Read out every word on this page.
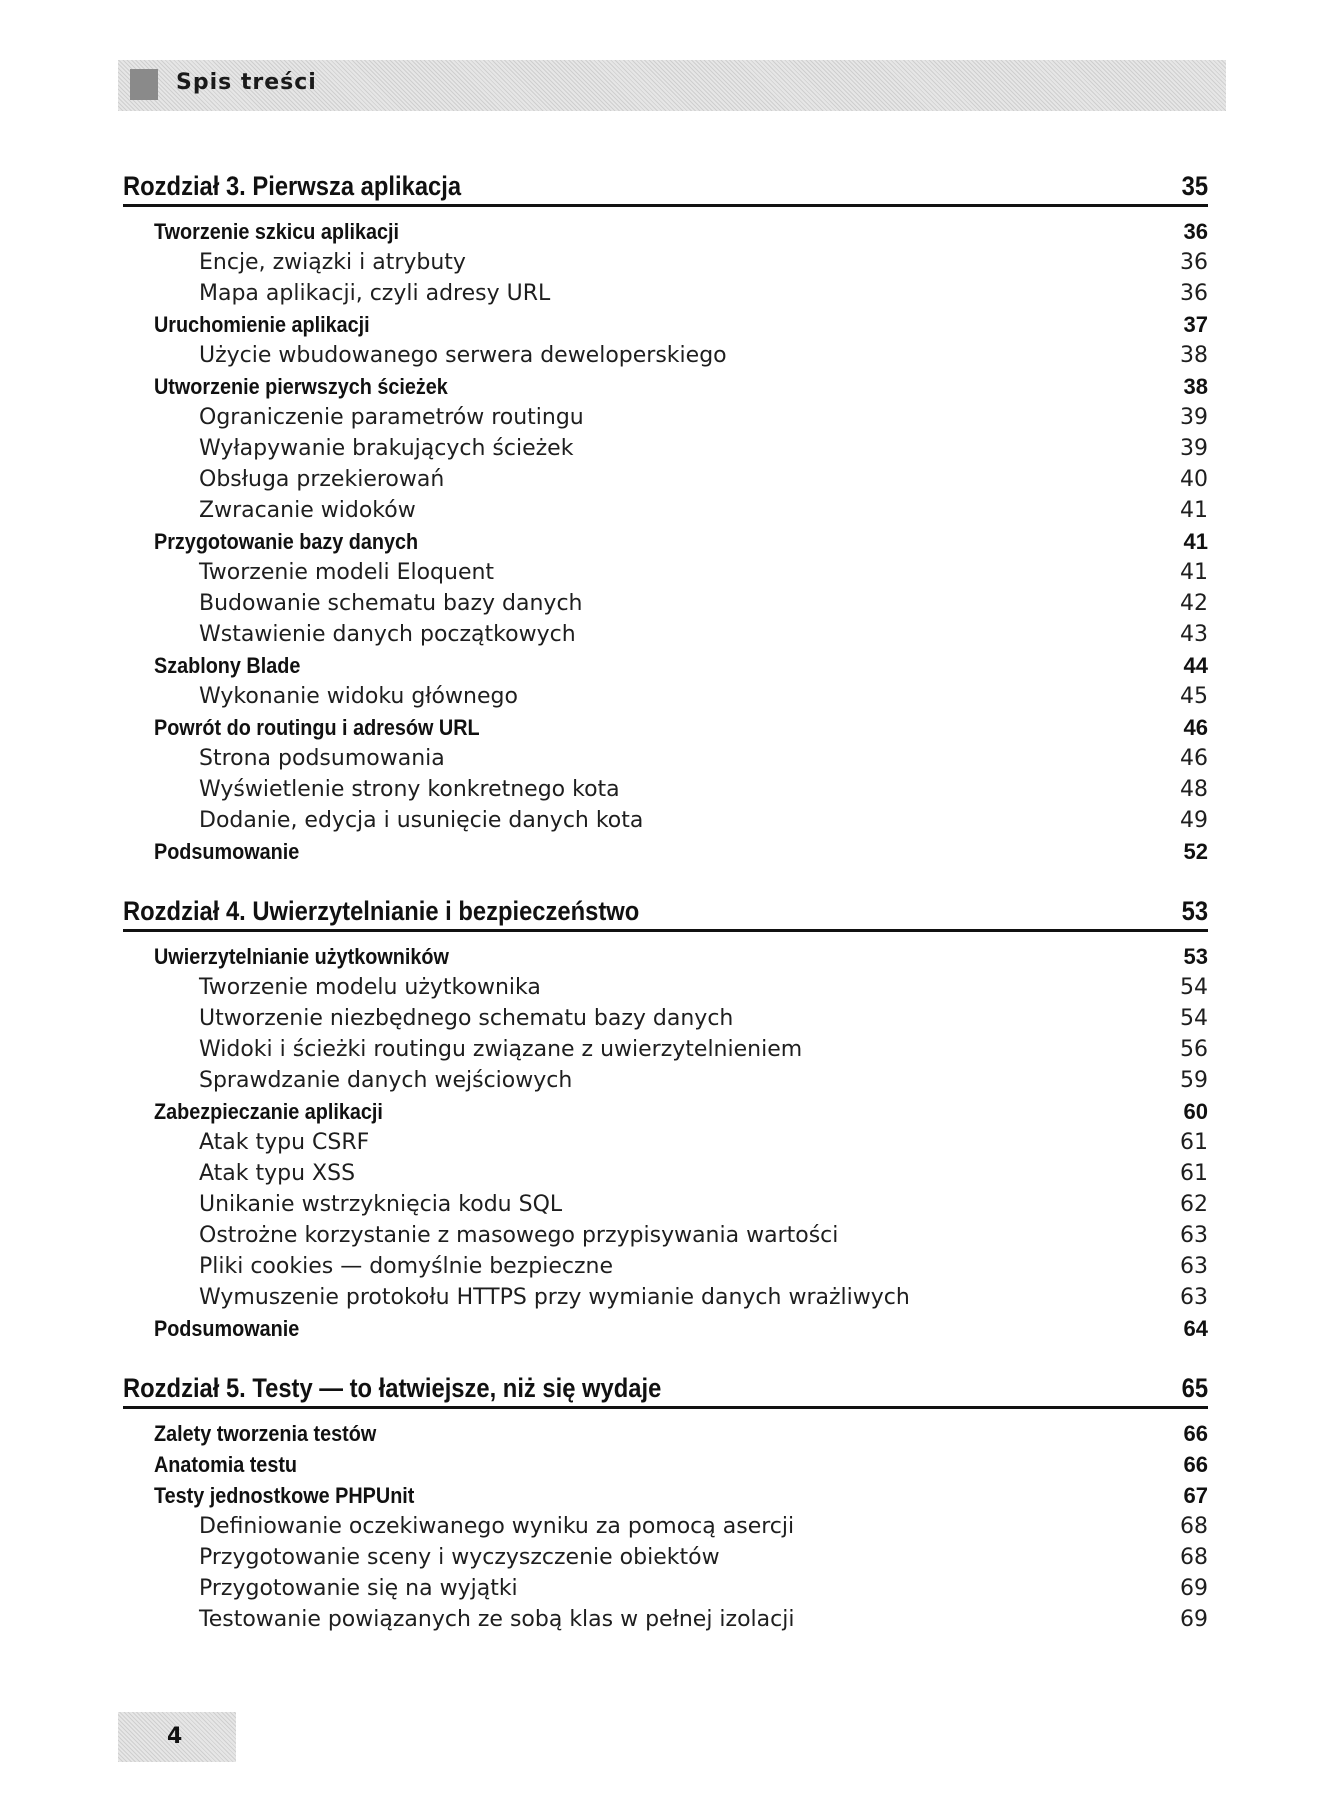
Spis treści
Rozdział 3. Pierwsza aplikacja	35
Tworzenie szkicu aplikacji	36
Encje, związki i atrybuty	36
Mapa aplikacji, czyli adresy URL	36
Uruchomienie aplikacji	37
Użycie wbudowanego serwera deweloperskiego	38
Utworzenie pierwszych ścieżek	38
Ograniczenie parametrów routingu	39
Wyłapywanie brakujących ścieżek	39
Obsługa przekierowań	40
Zwracanie widoków	41
Przygotowanie bazy danych	41
Tworzenie modeli Eloquent	41
Budowanie schematu bazy danych	42
Wstawienie danych początkowych	43
Szablony Blade	44
Wykonanie widoku głównego	45
Powrót do routingu i adresów URL	46
Strona podsumowania	46
Wyświetlenie strony konkretnego kota	48
Dodanie, edycja i usunięcie danych kota	49
Podsumowanie	52
Rozdział 4. Uwierzytelnianie i bezpieczeństwo	53
Uwierzytelnianie użytkowników	53
Tworzenie modelu użytkownika	54
Utworzenie niezbędnego schematu bazy danych	54
Widoki i ścieżki routingu związane z uwierzytelnieniem	56
Sprawdzanie danych wejściowych	59
Zabezpieczanie aplikacji	60
Atak typu CSRF	61
Atak typu XSS	61
Unikanie wstrzyknięcia kodu SQL	62
Ostrożne korzystanie z masowego przypisywania wartości	63
Pliki cookies — domyślnie bezpieczne	63
Wymuszenie protokołu HTTPS przy wymianie danych wrażliwych	63
Podsumowanie	64
Rozdział 5. Testy — to łatwiejsze, niż się wydaje	65
Zalety tworzenia testów	66
Anatomia testu	66
Testy jednostkowe PHPUnit	67
Definiowanie oczekiwanego wyniku za pomocą asercji	68
Przygotowanie sceny i wyczyszczenie obiektów	68
Przygotowanie się na wyjątki	69
Testowanie powiązanych ze sobą klas w pełnej izolacji	69
4
